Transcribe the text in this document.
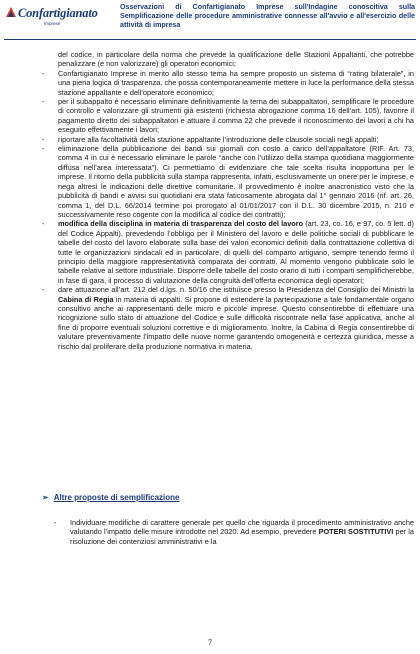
Confartigianato
Imprese
Osservazioni di Confartigianato Imprese sull'Indagine conoscitiva sulla Semplificazione delle procedure amministrative connesse all'avvio e all'esercizio delle attività di impresa

del codice, in particolare della norma che prevede la qualificazione delle Stazioni Appaltanti, che potrebbe penalizzare (e non valorizzare) gli operatori economici;

- Confartigianato Imprese in merito allo stesso tema ha sempre proposto un sistema di “rating bilaterale”, in una piena logica di trasparenza, che possa contemporaneamente mettere in luce la performance della stessa stazione appaltante e dell’operatore economico;

- per il subappalto è necessario eliminare definitivamente la terna dei subappaltatori, semplificare le procedure di controllo e valorizzare gli strumenti già esistenti (richiesta abrogazione comma 16 dell’art. 105), favorire il pagamento diretto dei subappaltatori e attuare il comma 22 che prevede il riconoscimento dei lavori a chi ha eseguito effettivamente i lavori;

- riportare alla facoltatività della stazione appaltante l’introduzione delle clausole sociali negli appalti;

- eliminazione della pubblicazione dei bandi sui giornali con costo a carico dell’appaltatore (RIF. Art. 73, comma 4 in cui è necessario eliminare le parole “anche con l’utilizzo della stampa quotidiana maggiormente diffusa nell’area interessata”). Ci permettiamo di evidenziare che tale scelta risulta inopportuna per le imprese. Il ritorno della pubblicità sulla stampa rappresenta, infatti, esclusivamente un onere per le imprese, e nega altresì le indicazioni delle direttive comunitarie. Il provvedimento è inoltre anacronistico visto che la pubblicità di bandi e avvisi sui quotidiani era stata faticosamente abrogata dal 1° gennaio 2016 (rif. art. 26, comma 1, del D.L. 66/2014 termine poi prorogato al 01/01/2017 con il D.L. 30 dicembre 2015, n. 210 e successivamente reso cogente con la modifica al codice dei contratti);

- modifica della disciplina in materia di trasparenza del costo del lavoro (art. 23, co. 16, e 97, co. 5 lett. d) del Codice Appalti), prevedendo l’obbligo per il Ministero del lavoro e delle politiche sociali di pubblicare le tabelle del costo del lavoro elaborate sulla base dei valori economici definiti dalla contrattazione collettiva di tutte le organizzazioni sindacali ed in particolare, di quelli del comparto artigiano, sempre tenendo fermo il principio della maggiore rappresentatività comparata dei contratti. Al momento vengono pubblicate solo le tabelle relative al settore industriale. Disporre delle tabelle del costo orario di tutti i comparti semplificherebbe, in fase di gara, il processo di valutazione della congruità dell’offerta economica degli operatori;

- dare attuazione all’art. 212 del d.lgs. n. 50/16 che istituisce presso la Presidenza del Consiglio dei Ministri la Cabina di Regia in materia di appalti. Si propone di estendere la partecipazione a tale fondamentale organo consultivo anche ai rappresentanti delle micro e piccole imprese. Questo consentirebbe di effettuare una ricognizione sullo stato di attuazione del Codice e sulle difficoltà riscontrate nella fase applicativa, anche al fine di proporre eventuali soluzioni correttive e di miglioramento. Inoltre, la Cabina di Regia consentirebbe di valutare preventivamente l’impatto delle nuove norme garantendo omogeneità e certezza giuridica, messe a rischio dal proliferare della produzione normativa in materia.

➢ Altre proposte di semplificazione

- Individuare modifiche di carattere generale per quello che riguarda il procedimento amministrativo anche valutando l’impatto delle misure introdotte nel 2020. Ad esempio, prevedere POTERI SOSTITUTIVI per la risoluzione dei contenziosi amministrativi e la

7
